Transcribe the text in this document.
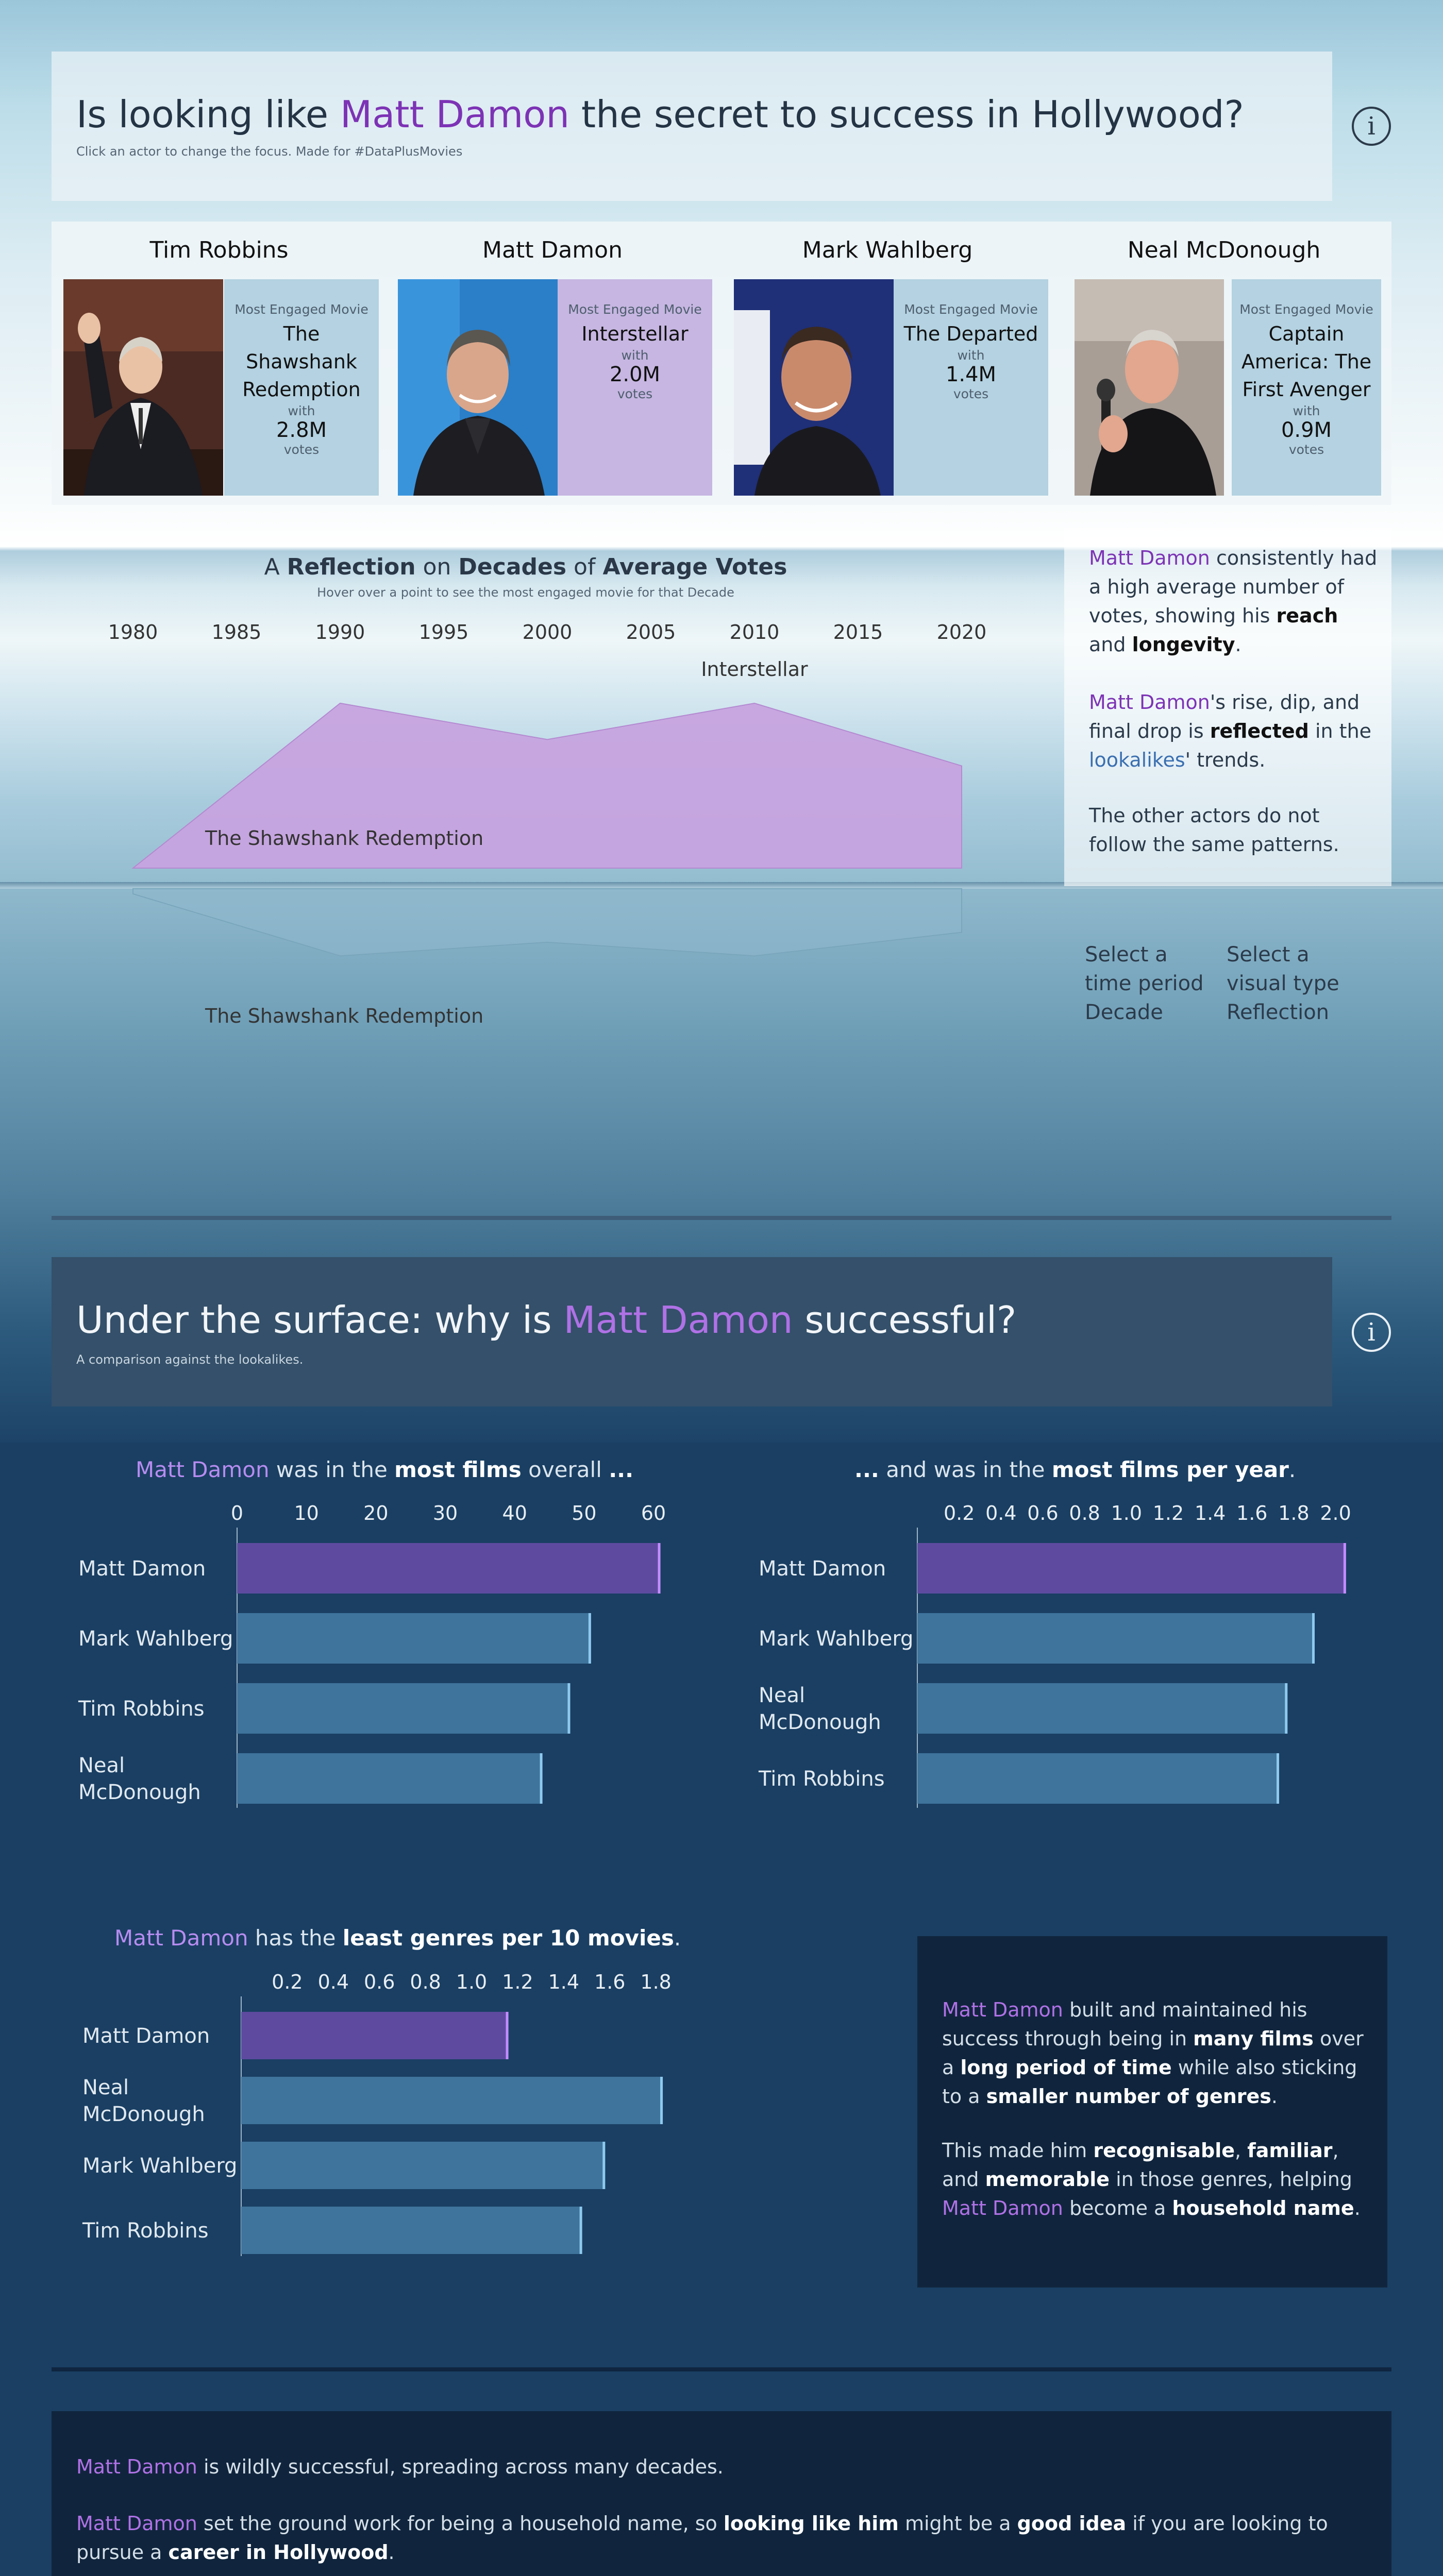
Is looking like Matt Damon the secret to success in Hollywood?
Click an actor to change the focus. Made for #DataPlusMovies
i
Tim Robbins
Most Engaged Movie
The Shawshank Redemption
with
2.8M
votes
Matt Damon
Most Engaged Movie
Interstellar
with
2.0M
votes
Mark Wahlberg
Most Engaged Movie
The Departed
with
1.4M
votes
Neal McDonough
Most Engaged Movie
Captain America: The First Avenger
with
0.9M
votes
A Reflection on Decades of Average Votes
Hover over a point to see the most engaged movie for that Decade
1980	1985	1990	1995	2000	2005	2010	2015	2020
Interstellar
The Shawshank Redemption
The Shawshank Redemption
Matt Damon consistently had a high average number of votes, showing his reach and longevity.
Matt Damon's rise, dip, and final drop is reflected in the lookalikes' trends.
The other actors do not follow the same patterns.
Select a time period
Decade
Select a visual type
Reflection
Under the surface: why is Matt Damon successful?
A comparison against the lookalikes.
i
Matt Damon was in the most films overall ...	... and was in the most films per year.
Matt Damon has the least genres per 10 movies.
0	10 20 30 40 50 60
Matt Damon
Mark Wahlberg
Tim Robbins
Neal
McDonough
0.2 0.4 0.6 0.8 1.0 1.2 1.4 1.6 1.8 2.0
Matt Damon
Mark Wahlberg
Neal
McDonough
Tim Robbins
0.2 0.4 0.6 0.8 1.0 1.2 1.4 1.6 1.8
Matt Damon
Neal
McDonough
Mark Wahlberg
Tim Robbins
Matt Damon built and maintained his success through being in many films over a long period of time while also sticking to a smaller number of genres.
This made him recognisable, familiar, and memorable in those genres, helping Matt Damon become a household name.
Matt Damon is wildly successful, spreading across many decades.
Matt Damon set the ground work for being a household name, so looking like him might be a good idea if you are looking to pursue a career in Hollywood.
